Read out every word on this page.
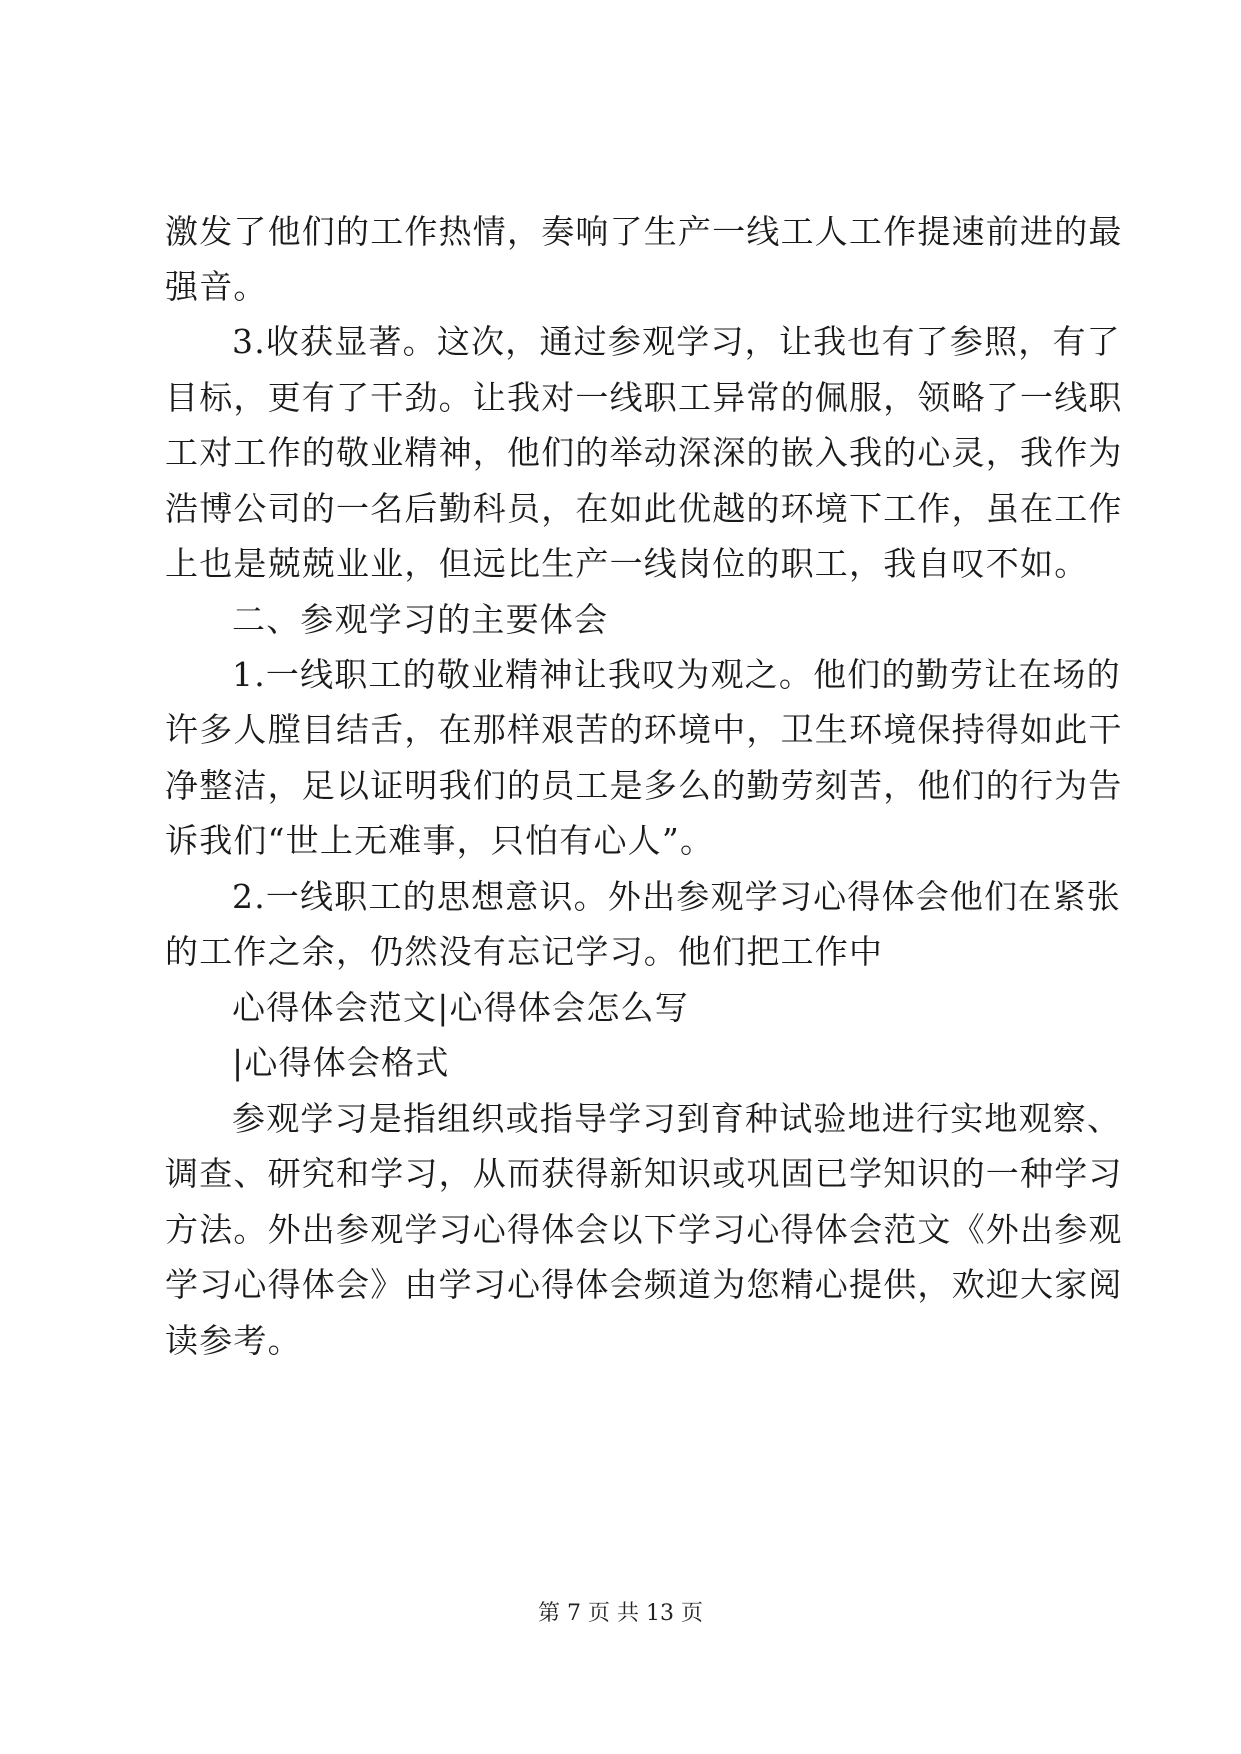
激发了他们的工作热情，奏响了生产一线工人工作提速前进的最
强音。
3.收获显著。这次，通过参观学习，让我也有了参照，有了
目标，更有了干劲。让我对一线职工异常的佩服，领略了一线职
工对工作的敬业精神，他们的举动深深的嵌入我的心灵，我作为
浩博公司的一名后勤科员，在如此优越的环境下工作，虽在工作
上也是兢兢业业，但远比生产一线岗位的职工，我自叹不如。
二、参观学习的主要体会
1.一线职工的敬业精神让我叹为观之。他们的勤劳让在场的
许多人膛目结舌，在那样艰苦的环境中，卫生环境保持得如此干
净整洁，足以证明我们的员工是多么的勤劳刻苦，他们的行为告
诉我们“世上无难事，只怕有心人”。
2.一线职工的思想意识。外出参观学习心得体会他们在紧张
的工作之余，仍然没有忘记学习。他们把工作中
心得体会范文|心得体会怎么写
|心得体会格式
参观学习是指组织或指导学习到育种试验地进行实地观察、
调查、研究和学习，从而获得新知识或巩固已学知识的一种学习
方法。外出参观学习心得体会以下学习心得体会范文《外出参观
学习心得体会》由学习心得体会频道为您精心提供，欢迎大家阅
读参考。
第 7 页 共 13 页
